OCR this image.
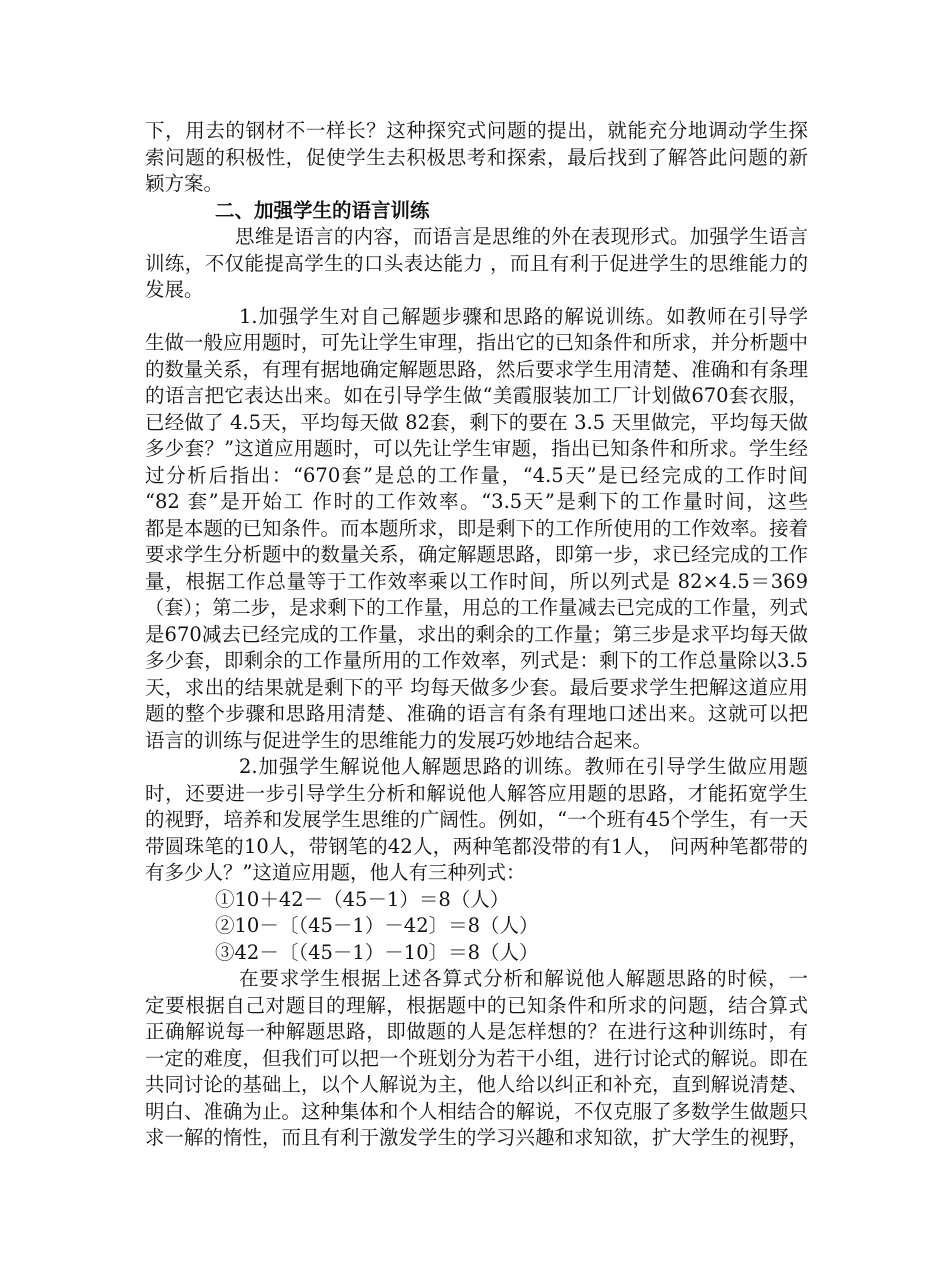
下，用去的钢材不一样长？这种探究式问题的提出，就能充分地调动学生探
索问题的积极性，促使学生去积极思考和探索，最后找到了解答此问题的新
颖方案。
二、加强学生的语言训练
思维是语言的内容，而语言是思维的外在表现形式。加强学生语言
训练，不仅能提高学生的口头表达能力 ，而且有利于促进学生的思维能力的
发展。
1.加强学生对自己解题步骤和思路的解说训练。如教师在引导学
生做一般应用题时，可先让学生审理，指出它的已知条件和所求，并分析题中
的数量关系，有理有据地确定解题思路，然后要求学生用清楚、准确和有条理
的语言把它表达出来。如在引导学生做“美霞服装加工厂计划做670套衣服，
已经做了 4.5天，平均每天做 82套，剩下的要在 3.5 天里做完，平均每天做
多少套？”这道应用题时，可以先让学生审题，指出已知条件和所求。学生经
过分析后指出：“670套”是总的工作量，“4.5天”是已经完成的工作时间
“82 套”是开始工 作时的工作效率。“3.5天”是剩下的工作量时间，这些
都是本题的已知条件。而本题所求，即是剩下的工作所使用的工作效率。接着
要求学生分析题中的数量关系，确定解题思路，即第一步，求已经完成的工作
量，根据工作总量等于工作效率乘以工作时间，所以列式是 82×4.5＝369
（套）；第二步，是求剩下的工作量，用总的工作量减去已完成的工作量，列式
是670减去已经完成的工作量，求出的剩余的工作量；第三步是求平均每天做
多少套，即剩余的工作量所用的工作效率，列式是：剩下的工作总量除以3.5
天，求出的结果就是剩下的平 均每天做多少套。最后要求学生把解这道应用
题的整个步骤和思路用清楚、准确的语言有条有理地口述出来。这就可以把
语言的训练与促进学生的思维能力的发展巧妙地结合起来。
2.加强学生解说他人解题思路的训练。教师在引导学生做应用题
时，还要进一步引导学生分析和解说他人解答应用题的思路，才能拓宽学生
的视野，培养和发展学生思维的广阔性。例如，“一个班有45个学生，有一天
带圆珠笔的10人，带钢笔的42人，两种笔都没带的有1人， 问两种笔都带的
有多少人？”这道应用题，他人有三种列式：
①10＋42－（45－1）＝8（人）
②10－〔（45－1）－42〕＝8（人）
③42－〔（45－1）－10〕＝8（人）
在要求学生根据上述各算式分析和解说他人解题思路的时候，一
定要根据自己对题目的理解，根据题中的已知条件和所求的问题，结合算式
正确解说每一种解题思路，即做题的人是怎样想的？在进行这种训练时，有
一定的难度，但我们可以把一个班划分为若干小组，进行讨论式的解说。即在
共同讨论的基础上，以个人解说为主，他人给以纠正和补充，直到解说清楚、
明白、准确为止。这种集体和个人相结合的解说，不仅克服了多数学生做题只
求一解的惰性，而且有利于激发学生的学习兴趣和求知欲，扩大学生的视野，
